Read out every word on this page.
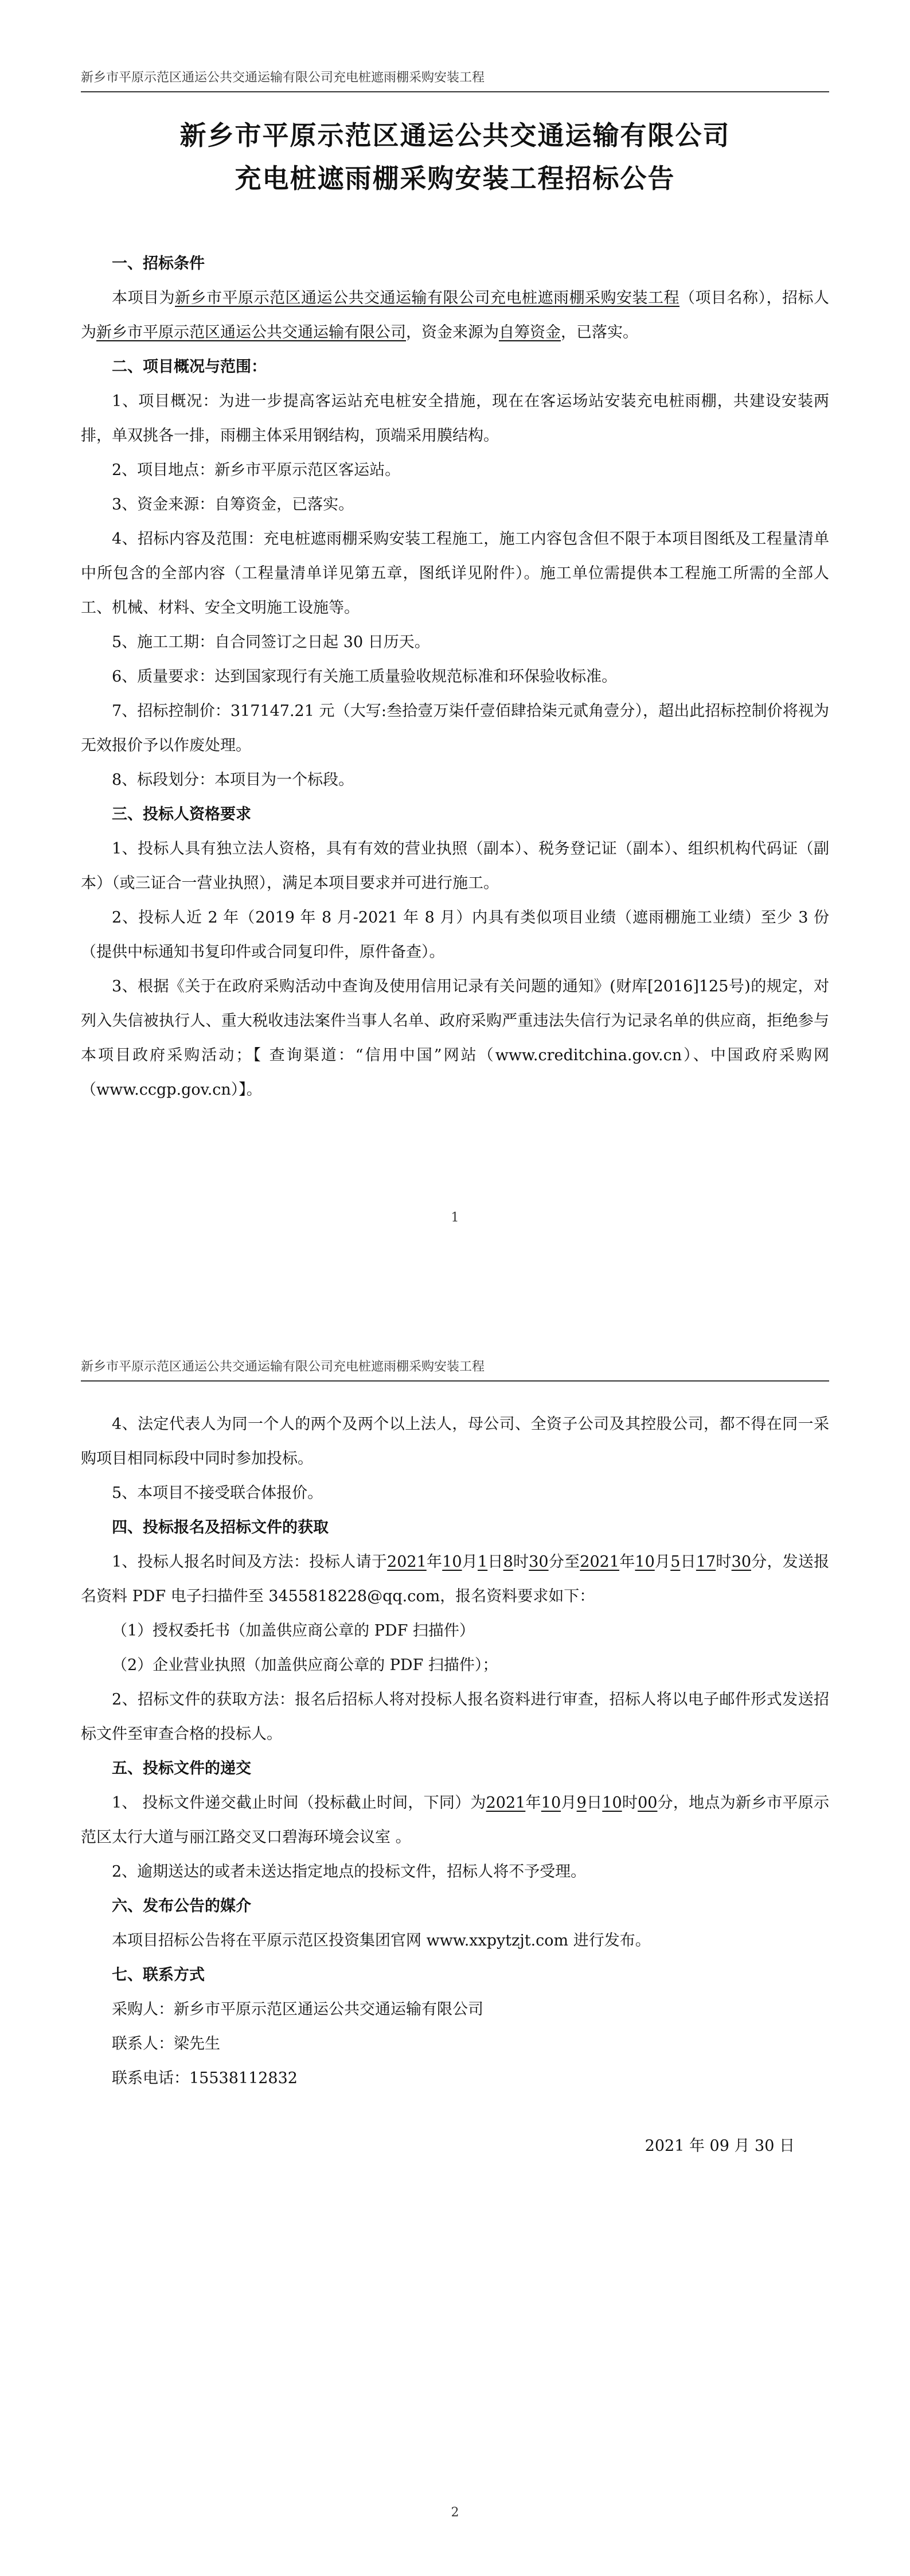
新乡市平原示范区通运公共交通运输有限公司充电桩遮雨棚采购安装工程
新乡市平原示范区通运公共交通运输有限公司
充电桩遮雨棚采购安装工程招标公告

一、招标条件

本项目为新乡市平原示范区通运公共交通运输有限公司充电桩遮雨棚采购安装工程（项目名称），招标人为新乡市平原示范区通运公共交通运输有限公司，资金来源为自筹资金，已落实。

二、项目概况与范围：

1、项目概况：为进一步提高客运站充电桩安全措施，现在在客运场站安装充电桩雨棚，共建设安装两排，单双挑各一排，雨棚主体采用钢结构，顶端采用膜结构。

2、项目地点：新乡市平原示范区客运站。

3、资金来源：自筹资金，已落实。

4、招标内容及范围：充电桩遮雨棚采购安装工程施工，施工内容包含但不限于本项目图纸及工程量清单中所包含的全部内容（工程量清单详见第五章，图纸详见附件）。施工单位需提供本工程施工所需的全部人工、机械、材料、安全文明施工设施等。

5、施工工期：自合同签订之日起 30 日历天。

6、质量要求：达到国家现行有关施工质量验收规范标准和环保验收标准。

7、招标控制价：317147.21 元（大写:叁拾壹万柒仟壹佰肆拾柒元贰角壹分），超出此招标控制价将视为无效报价予以作废处理。

8、标段划分：本项目为一个标段。

三、投标人资格要求

1、投标人具有独立法人资格，具有有效的营业执照（副本）、税务登记证（副本）、组织机构代码证（副本）（或三证合一营业执照），满足本项目要求并可进行施工。

2、投标人近 2 年（2019 年 8 月-2021 年 8 月）内具有类似项目业绩（遮雨棚施工业绩）至少 3 份（提供中标通知书复印件或合同复印件，原件备查）。

3、根据《关于在政府采购活动中查询及使用信用记录有关问题的通知》(财库[2016]125号)的规定，对列入失信被执行人、重大税收违法案件当事人名单、政府采购严重违法失信行为记录名单的供应商，拒绝参与本项目政府采购活动；【 查询渠道：“信用中国”网站（www.creditchina.gov.cn）、中国政府采购网（www.ccgp.gov.cn）】。

1
新乡市平原示范区通运公共交通运输有限公司充电桩遮雨棚采购安装工程

4、法定代表人为同一个人的两个及两个以上法人，母公司、全资子公司及其控股公司，都不得在同一采购项目相同标段中同时参加投标。

5、本项目不接受联合体报价。

四、投标报名及招标文件的获取

1、投标人报名时间及方法：投标人请于2021年10月1日8时30分至2021年10月5日17时30分，发送报名资料 PDF 电子扫描件至 3455818228@qq.com，报名资料要求如下：

（1）授权委托书（加盖供应商公章的 PDF 扫描件）

（2）企业营业执照（加盖供应商公章的 PDF 扫描件）；

2、招标文件的获取方法：报名后招标人将对投标人报名资料进行审查，招标人将以电子邮件形式发送招标文件至审查合格的投标人。

五、投标文件的递交

1、 投标文件递交截止时间（投标截止时间，下同）为2021年10月9日10时00分，地点为新乡市平原示范区太行大道与丽江路交叉口碧海环境会议室 。

2、逾期送达的或者未送达指定地点的投标文件，招标人将不予受理。

六、发布公告的媒介

本项目招标公告将在平原示范区投资集团官网 www.xxpytzjt.com 进行发布。

七、联系方式

采购人：新乡市平原示范区通运公共交通运输有限公司

联系人：梁先生

联系电话：15538112832

2021 年 09 月 30 日

2
